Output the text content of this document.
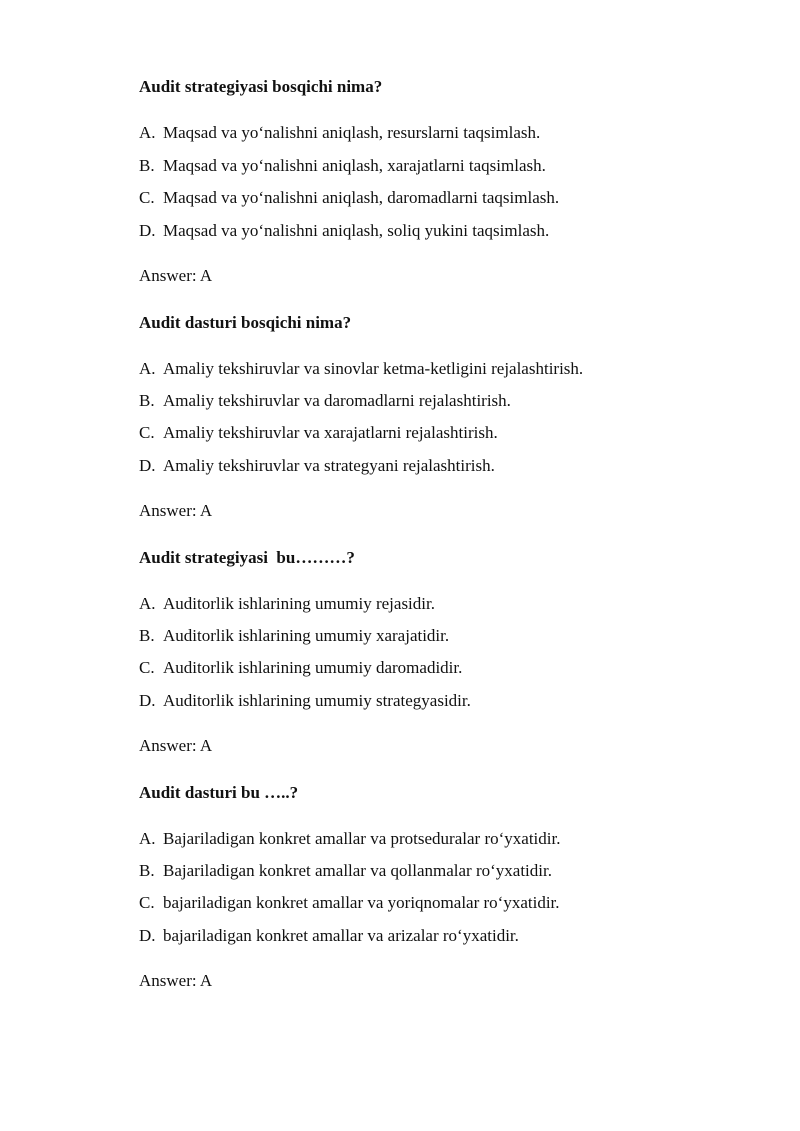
Audit strategiyasi bosqichi nima?
A. Maqsad va yo‘nalishni aniqlash, resurslarni taqsimlash.
B. Maqsad va yo‘nalishni aniqlash, xarajatlarni taqsimlash.
C. Maqsad va yo‘nalishni aniqlash, daromadlarni taqsimlash.
D. Maqsad va yo‘nalishni aniqlash, soliq yukini taqsimlash.
Answer: A
Audit dasturi bosqichi nima?
A. Amaliy tekshiruvlar va sinovlar ketma-ketligini rejalashtirish.
B. Amaliy tekshiruvlar va daromadlarni rejalashtirish.
C. Amaliy tekshiruvlar va xarajatlarni rejalashtirish.
D. Amaliy tekshiruvlar va strategyani rejalashtirish.
Answer: A
Audit strategiyasi  bu………?
A. Auditorlik ishlarining umumiy rejasidir.
B. Auditorlik ishlarining umumiy xarajatidir.
C. Auditorlik ishlarining umumiy daromadidir.
D. Auditorlik ishlarining umumiy strategyasidir.
Answer: A
Audit dasturi bu …..?
A. Bajariladigan konkret amallar va protseduralar ro‘yxatidir.
B. Bajariladigan konkret amallar va qollanmalar ro‘yxatidir.
C. bajariladigan konkret amallar va yoriqnomalar ro‘yxatidir.
D. bajariladigan konkret amallar va arizalar ro‘yxatidir.
Answer: A
